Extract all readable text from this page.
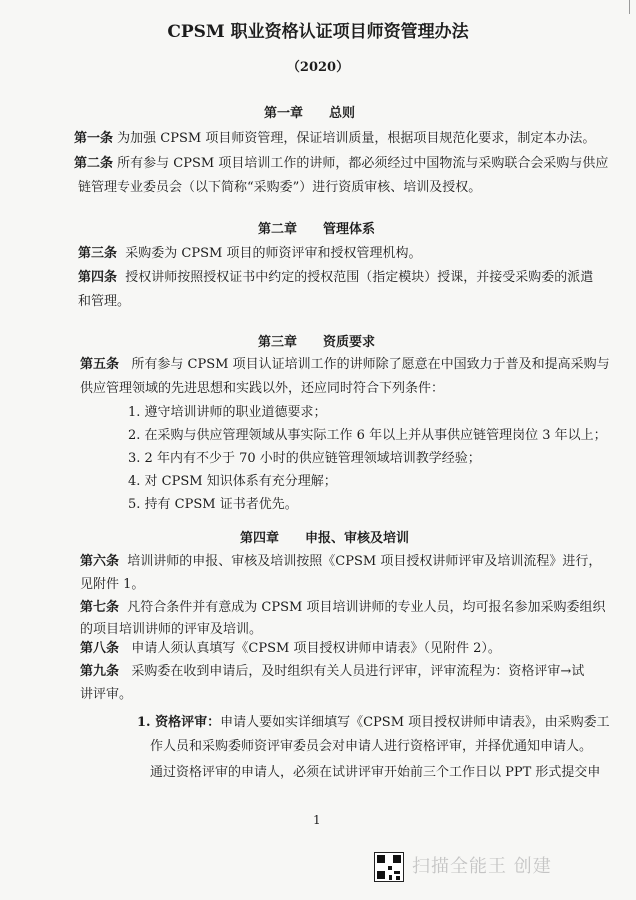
CPSM 职业资格认证项目师资管理办法
（2020）
第一章 总则
第一条 为加强 CPSM 项目师资管理，保证培训质量，根据项目规范化要求，制定本办法。
第二条 所有参与 CPSM 项目培训工作的讲师，都必须经过中国物流与采购联合会采购与供应
链管理专业委员会（以下简称“采购委”）进行资质审核、培训及授权。
第二章 管理体系
第三条 采购委为 CPSM 项目的师资评审和授权管理机构。
第四条 授权讲师按照授权证书中约定的授权范围（指定模块）授课，并接受采购委的派遣
和管理。
第三章 资质要求
第五条 所有参与 CPSM 项目认证培训工作的讲师除了愿意在中国致力于普及和提高采购与
供应管理领域的先进思想和实践以外，还应同时符合下列条件：
1. 遵守培训讲师的职业道德要求；
2. 在采购与供应管理领域从事实际工作 6 年以上并从事供应链管理岗位 3 年以上；
3. 2 年内有不少于 70 小时的供应链管理领域培训教学经验；
4. 对 CPSM 知识体系有充分理解；
5. 持有 CPSM 证书者优先。
第四章 申报、审核及培训
第六条 培训讲师的申报、审核及培训按照《CPSM 项目授权讲师评审及培训流程》进行，
见附件 1。
第七条 凡符合条件并有意成为 CPSM 项目培训讲师的专业人员，均可报名参加采购委组织
的项目培训讲师的评审及培训。
第八条 申请人须认真填写《CPSM 项目授权讲师申请表》（见附件 2）。
第九条 采购委在收到申请后，及时组织有关人员进行评审，评审流程为：资格评审→试
讲评审。
1. 资格评审：申请人要如实详细填写《CPSM 项目授权讲师申请表》，由采购委工
作人员和采购委师资评审委员会对申请人进行资格评审，并择优通知申请人。
通过资格评审的申请人，必须在试讲评审开始前三个工作日以 PPT 形式提交申
1
扫描全能王 创建
